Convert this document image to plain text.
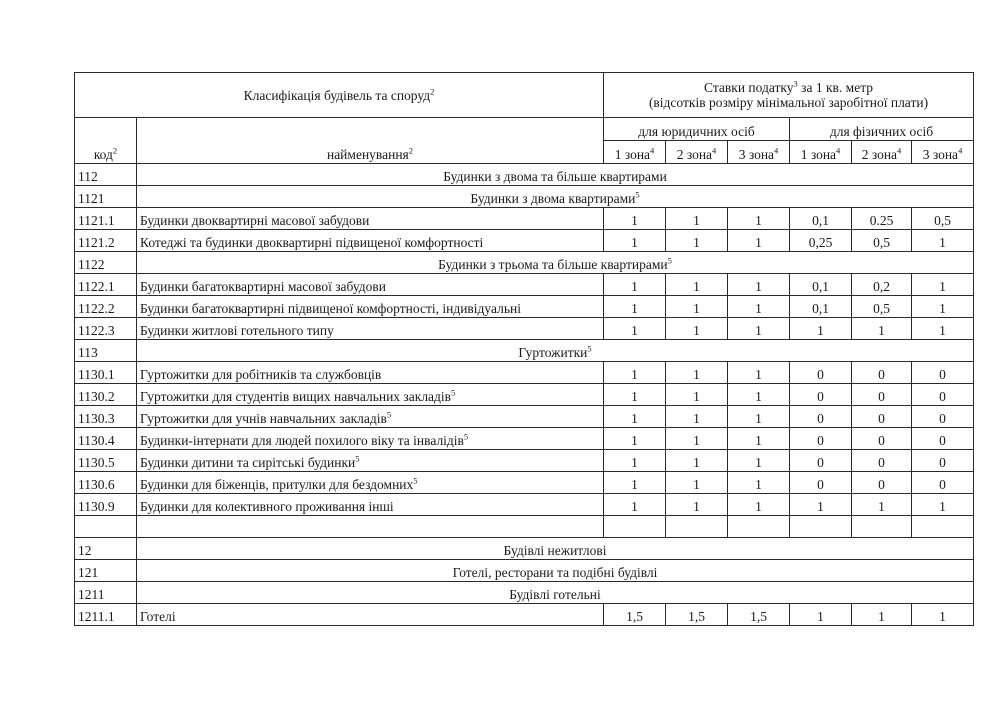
Класифікація будівель та споруд$^2$		Ставки податку$^3$ за 1 кв. метр
(відсотків розміру мінімальної заробітної плати)					
код$^2$	найменування$^2$	для юридичних осіб			для фізичних осіб		
		1 зона$^4$	2 зона$^4$	3 зона$^4$	1 зона$^4$	2 зона$^4$	3 зона$^4$
112	Будинки з двома та більше квартирами						
1121	Будинки з двома квартирами$^5$
1121.1	Будинки двоквартирні масової забудови	1	1	1	0,1	0.25	0,5
1121.2	Котеджі та будинки двоквартирні підвищеної комфортності	1	1	1	0,25	0,5	1
1122	Будинки з трьома та більше квартирами$^5$
1122.1	Будинки багатоквартирні масової забудови	1	1	1	0,1	0,2	1
1122.2	Будинки багатоквартирні підвищеної комфортності, індивідуальні	1	1	1	0,1	0,5	1
1122.3	Будинки житлові готельного типу	1	1	1	1	1	1
113	Гуртожитки$^5$
1130.1	Гуртожитки для робітників та службовців	1	1	1	0	0	0
1130.2	Гуртожитки для студентів вищих навчальних закладів$^5$	1	1	1	0	0	0
1130.3	Гуртожитки для учнів навчальних закладів$^5$	1	1	1	0	0	0
1130.4	Будинки-інтернати для людей похилого віку та інвалідів$^5$	1	1	1	0	0	0
1130.5	Будинки дитини та сирітські будинки$^5$	1	1	1	0	0	0
1130.6	Будинки для біженців, притулки для бездомних$^5$	1	1	1	0	0	0
1130.9	Будинки для колективного проживання інші	1	1	1	1	1	1

12	Будівлі нежитлові						
121	Готелі, ресторани та подібні будівлі						
1211	Будівлі готельні						
1211.1	Готелі	1,5	1,5	1,5	1	1	1
